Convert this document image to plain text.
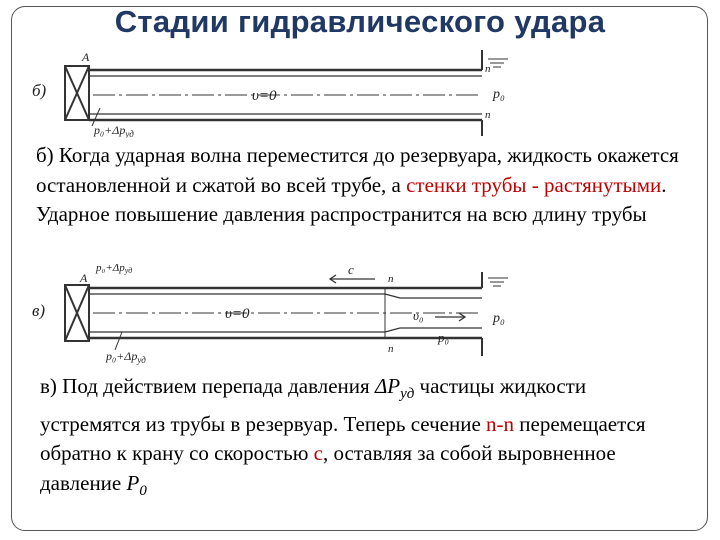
Стадии гидравлического удара
б)
A
υ=0
$p_0+\Delta p_{уд}$
n
n
p₀

б) Когда ударная волна переместится до резервуара, жидкость окажется остановленной и сжатой во всей трубе, а стенки трубы - растянутыми. Ударное повышение давления распространится на всю длину трубы

в)
A
p₀+Δpуд
υ=0
c
n
n
$p_0+\Delta p_{уд}$
υ₀
p₀
p₀

в) Под действием перепада давления $\Delta P_{уд}$ частицы жидкости устремятся из трубы в резервуар. Теперь сечение n-n перемещается обратно к крану со скоростью с, оставляя за собой выровненное давление $P_0$
